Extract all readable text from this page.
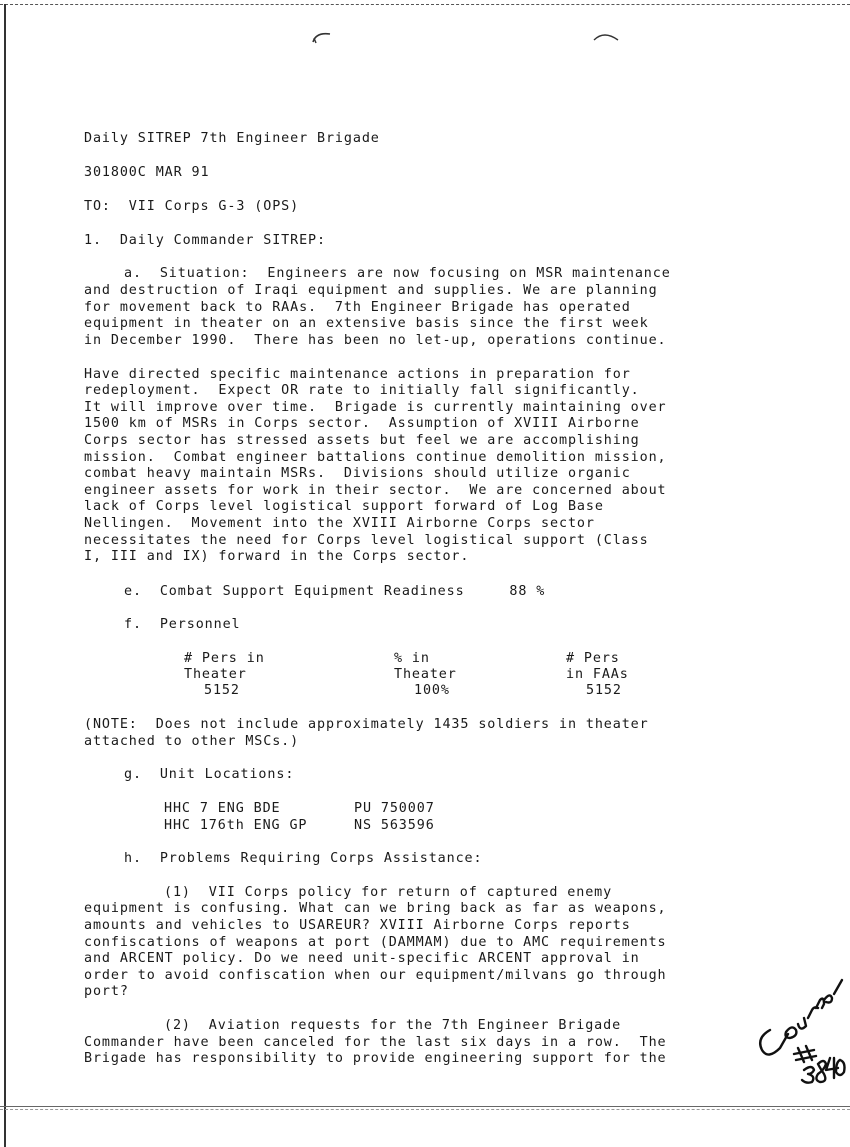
Daily SITREP 7th Engineer Brigade
301800C MAR 91
TO:  VII Corps G-3 (OPS)
1.  Daily Commander SITREP:
a.  Situation:  Engineers are now focusing on MSR maintenance
and destruction of Iraqi equipment and supplies. We are planning
for movement back to RAAs.  7th Engineer Brigade has operated
equipment in theater on an extensive basis since the first week
in December 1990.  There has been no let-up, operations continue.
Have directed specific maintenance actions in preparation for
redeployment.  Expect OR rate to initially fall significantly.
It will improve over time.  Brigade is currently maintaining over
1500 km of MSRs in Corps sector.  Assumption of XVIII Airborne
Corps sector has stressed assets but feel we are accomplishing
mission.  Combat engineer battalions continue demolition mission,
combat heavy maintain MSRs.  Divisions should utilize organic
engineer assets for work in their sector.  We are concerned about
lack of Corps level logistical support forward of Log Base
Nellingen.  Movement into the XVIII Airborne Corps sector
necessitates the need for Corps level logistical support (Class
I, III and IX) forward in the Corps sector.
e.  Combat Support Equipment Readiness     88 %
f.  Personnel
# Pers in
Theater
5152
% in
Theater
100%
# Pers
in FAAs
5152
(NOTE:  Does not include approximately 1435 soldiers in theater
attached to other MSCs.)
g.  Unit Locations:
HHC 7 ENG BDE	PU 750007
HHC 176th ENG GP	NS 563596
h.  Problems Requiring Corps Assistance:
(1)  VII Corps policy for return of captured enemy
equipment is confusing. What can we bring back as far as weapons,
amounts and vehicles to USAREUR? XVIII Airborne Corps reports
confiscations of weapons at port (DAMMAM) due to AMC requirements
and ARCENT policy. Do we need unit-specific ARCENT approval in
order to avoid confiscation when our equipment/milvans go through
port?
(2)  Aviation requests for the 7th Engineer Brigade
Commander have been canceled for the last six days in a row.  The
Brigade has responsibility to provide engineering support for the
